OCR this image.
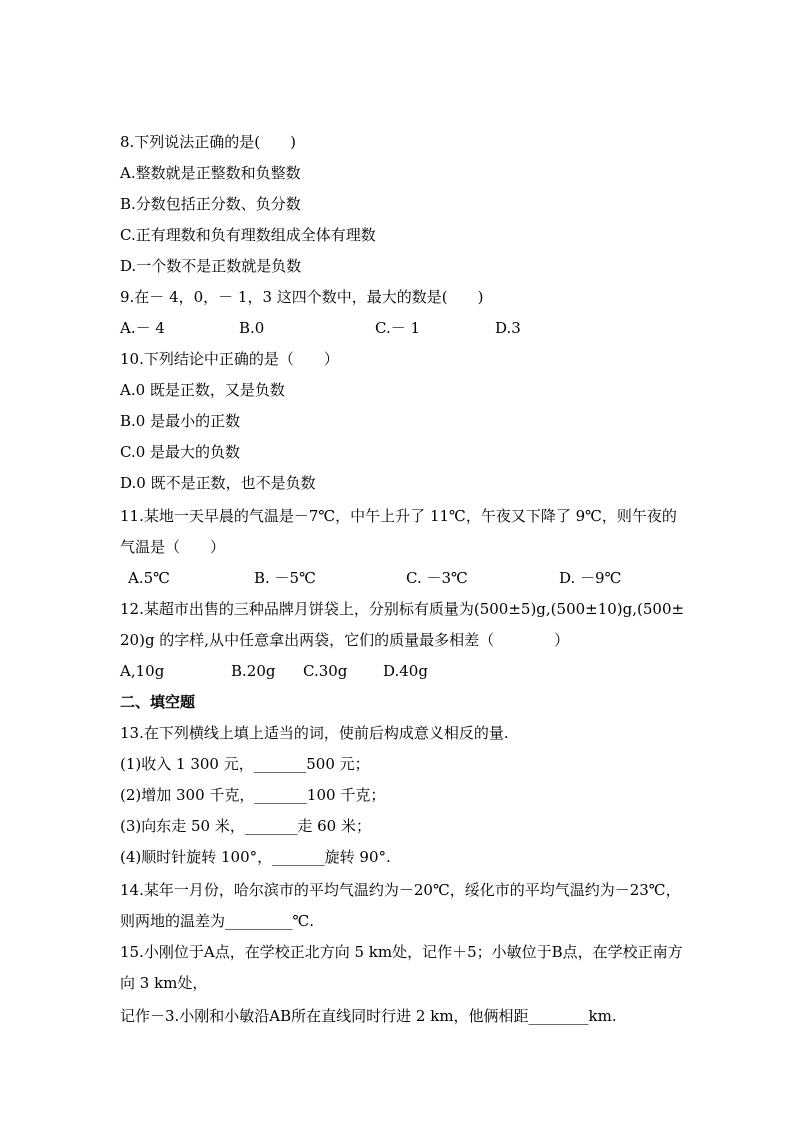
8.下列说法正确的是(　　)
A.整数就是正整数和负整数
B.分数包括正分数、负分数
C.正有理数和负有理数组成全体有理数
D.一个数不是正数就是负数
9.在－ 4，0，－ 1，3 这四个数中，最大的数是(　　)
A.－ 4	B.0	C.－ 1	D.3
10.下列结论中正确的是（　　）
A.0 既是正数，又是负数
B.0 是最小的正数
C.0 是最大的负数
D.0 既不是正数，也不是负数
11.某地一天早晨的气温是－7℃，中午上升了 11℃，午夜又下降了 9℃，则午夜的
气温是（　　）
A.5℃	B. －5℃	C. －3℃	D. －9℃
12.某超市出售的三种品牌月饼袋上，分别标有质量为(500±5)g,(500±10)g,(500±
20)g 的字样,从中任意拿出两袋，它们的质量最多相差（　　　　）
A,10g	B.20g C.30g D.40g
二、填空题
13.在下列横线上填上适当的词，使前后构成意义相反的量.
(1)收入 1 300 元，_______500 元；
(2)增加 300 千克，_______100 千克；
(3)向东走 50 米，_______走 60 米；
(4)顺时针旋转 100°，_______旋转 90°.
14.某年一月份，哈尔滨市的平均气温约为－20℃，绥化市的平均气温约为－23℃，
则两地的温差为_________℃.
15.小刚位于A点，在学校正北方向 5 km处，记作＋5；小敏位于B点，在学校正南方
向 3 km处，
记作－3.小刚和小敏沿AB所在直线同时行进 2 km，他俩相距________km.
